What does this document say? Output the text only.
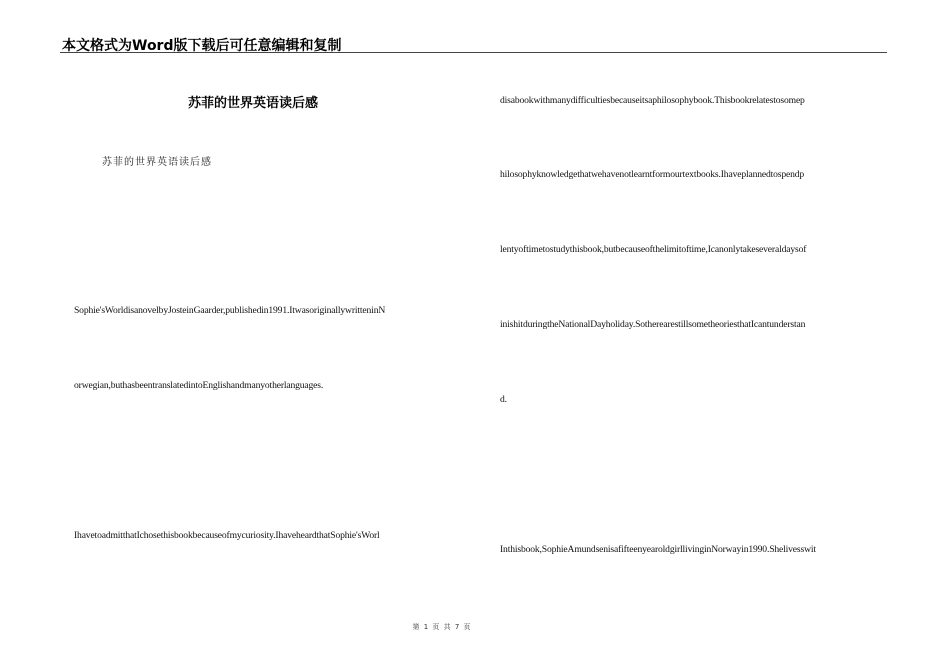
本文格式为Word版下载后可任意编辑和复制
苏菲的世界英语读后感
苏菲的世界英语读后感
Sophie'sWorldisanovelbyJosteinGaarder,publishedin1991.ItwasoriginallywritteninN
orwegian,buthasbeentranslatedintoEnglishandmanyotherlanguages.
IhavetoadmitthatIchosethisbookbecauseofmycuriosity.IhaveheardthatSophie'sWorl
disabookwithmanydifficultiesbecauseitsaphilosophybook.Thisbookrelatestosomep
hilosophyknowledgethatwehavenotlearntformourtextbooks.Ihaveplannedtospendp
lentyoftimetostudythisbook,butbecauseofthelimitoftime,Icanonlytakeseveraldaysof
inishitduringtheNationalDayholiday.SotherearestillsometheoriesthatIcantunderstan
d.
Inthisbook,SophieAmundsenisafifteenyearoldgirllivinginNorwayin1990.Shelivesswit
第 1 页 共 7 页
